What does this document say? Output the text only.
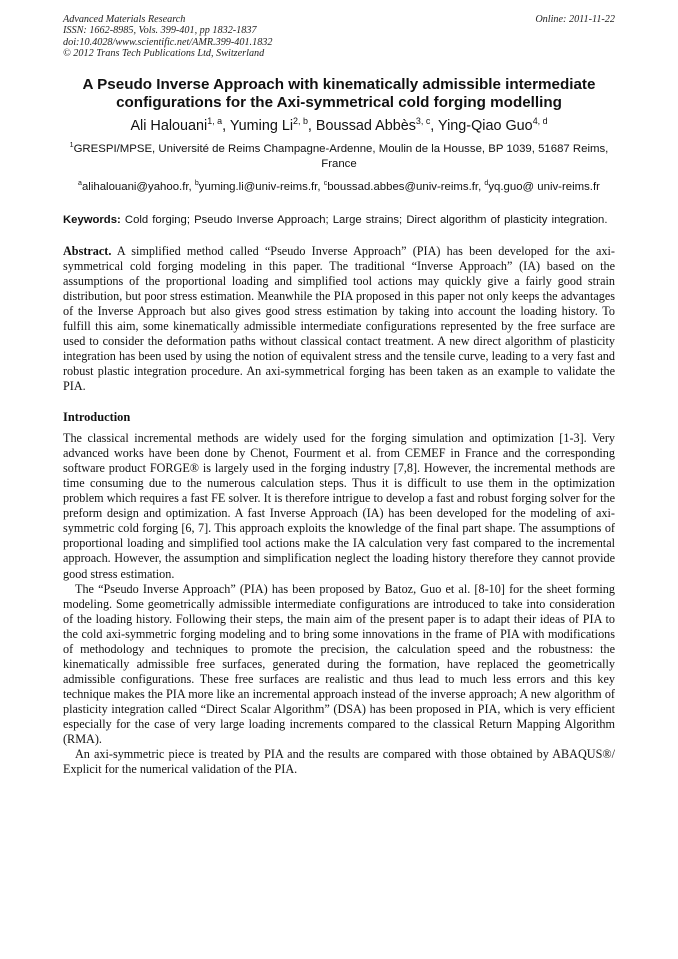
Advanced Materials Research
ISSN: 1662-8985, Vols. 399-401, pp 1832-1837
doi:10.4028/www.scientific.net/AMR.399-401.1832
© 2012 Trans Tech Publications Ltd, Switzerland
Online: 2011-11-22
A Pseudo Inverse Approach with kinematically admissible intermediate configurations for the Axi-symmetrical cold forging modelling
Ali Halouani$^{1, a}$, Yuming Li$^{2, b}$, Boussad Abbès$^{3, c}$, Ying-Qiao Guo$^{4, d}$
$^1$GRESPI/MPSE, Université de Reims Champagne-Ardenne, Moulin de la Housse, BP 1039, 51687 Reims, France
$^a$alihalouani@yahoo.fr, $^b$yuming.li@univ-reims.fr, $^c$boussad.abbes@univ-reims.fr, $^d$yq.guo@ univ-reims.fr
Keywords: Cold forging; Pseudo Inverse Approach; Large strains; Direct algorithm of plasticity integration.
Abstract. A simplified method called “Pseudo Inverse Approach” (PIA) has been developed for the axi-symmetrical cold forging modeling in this paper. The traditional “Inverse Approach” (IA) based on the assumptions of the proportional loading and simplified tool actions may quickly give a fairly good strain distribution, but poor stress estimation. Meanwhile the PIA proposed in this paper not only keeps the advantages of the Inverse Approach but also gives good stress estimation by taking into account the loading history. To fulfill this aim, some kinematically admissible intermediate configurations represented by the free surface are used to consider the deformation paths without classical contact treatment. A new direct algorithm of plasticity integration has been used by using the notion of equivalent stress and the tensile curve, leading to a very fast and robust plastic integration procedure. An axi-symmetrical forging has been taken as an example to validate the PIA.
Introduction
The classical incremental methods are widely used for the forging simulation and optimization [1-3]. Very advanced works have been done by Chenot, Fourment et al. from CEMEF in France and the corresponding software product FORGE® is largely used in the forging industry [7,8]. However, the incremental methods are time consuming due to the numerous calculation steps. Thus it is difficult to use them in the optimization problem which requires a fast FE solver. It is therefore intrigue to develop a fast and robust forging solver for the preform design and optimization. A fast Inverse Approach (IA) has been developed for the modeling of axi-symmetric cold forging [6, 7]. This approach exploits the knowledge of the final part shape. The assumptions of proportional loading and simplified tool actions make the IA calculation very fast compared to the incremental approach. However, the assumption and simplification neglect the loading history therefore they cannot provide good stress estimation.
The “Pseudo Inverse Approach” (PIA) has been proposed by Batoz, Guo et al. [8-10] for the sheet forming modeling. Some geometrically admissible intermediate configurations are introduced to take into consideration of the loading history. Following their steps, the main aim of the present paper is to adapt their ideas of PIA to the cold axi-symmetric forging modeling and to bring some innovations in the frame of PIA with modifications of methodology and techniques to promote the precision, the calculation speed and the robustness: the kinematically admissible free surfaces, generated during the formation, have replaced the geometrically admissible configurations. These free surfaces are realistic and thus lead to much less errors and this key technique makes the PIA more like an incremental approach instead of the inverse approach; A new algorithm of plasticity integration called “Direct Scalar Algorithm” (DSA) has been proposed in PIA, which is very efficient especially for the case of very large loading increments compared to the classical Return Mapping Algorithm (RMA).
An axi-symmetric piece is treated by PIA and the results are compared with those obtained by ABAQUS®/ Explicit for the numerical validation of the PIA.
